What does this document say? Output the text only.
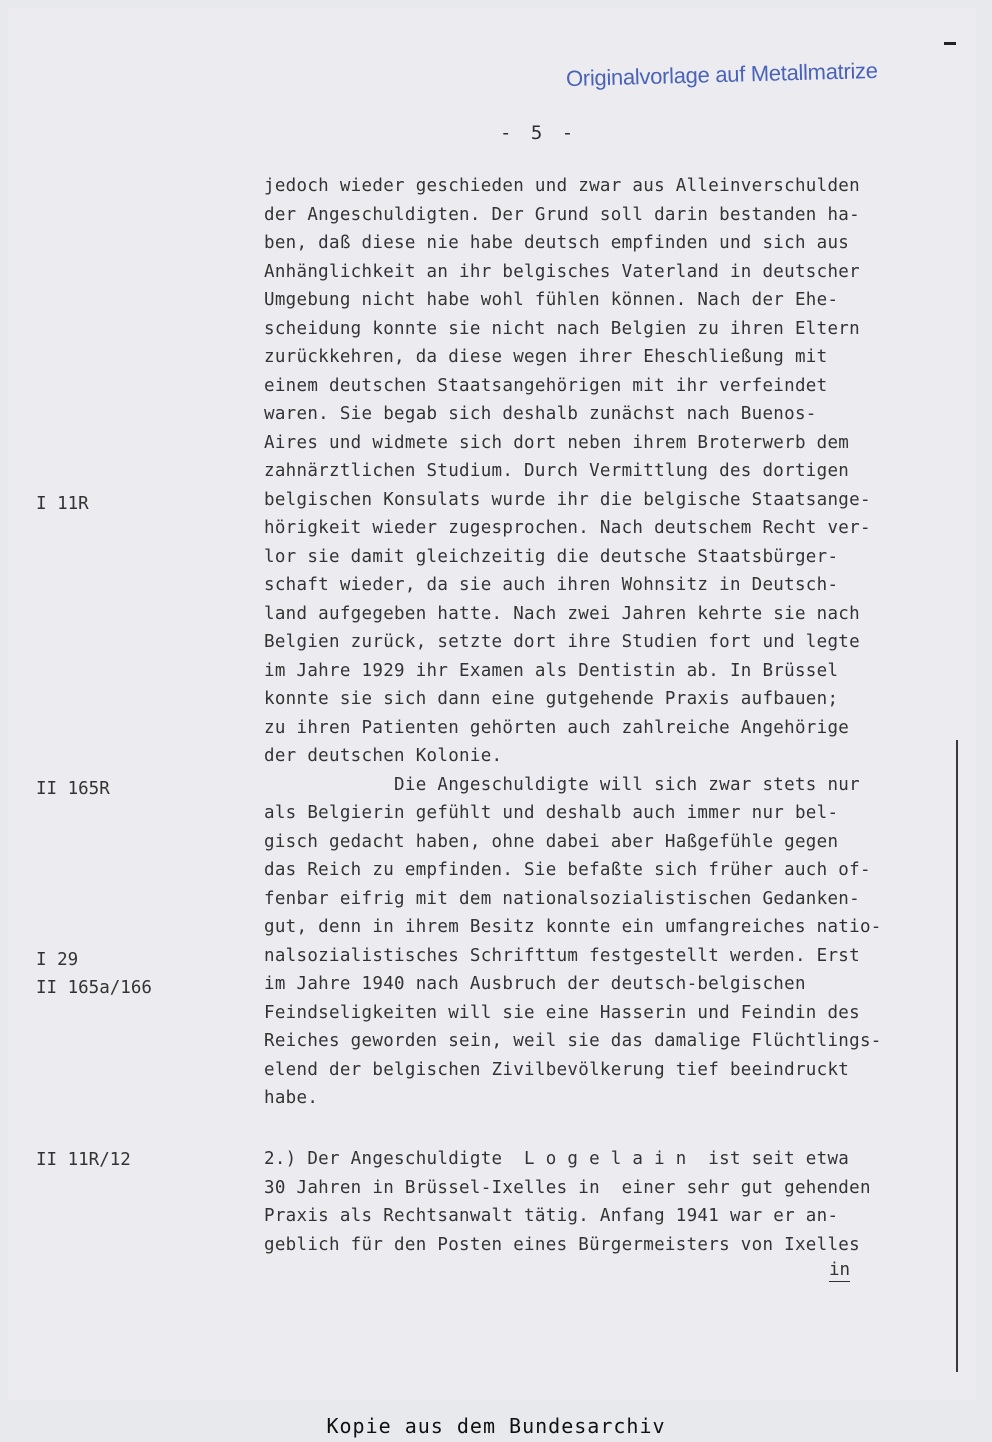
Originalvorlage auf Metallmatrize
- 5 -
jedoch wieder geschieden und zwar aus Alleinverschulden
der Angeschuldigten. Der Grund soll darin bestanden ha-
ben, daß diese nie habe deutsch empfinden und sich aus
Anhänglichkeit an ihr belgisches Vaterland in deutscher
Umgebung nicht habe wohl fühlen können. Nach der Ehe-
scheidung konnte sie nicht nach Belgien zu ihren Eltern
zurückkehren, da diese wegen ihrer Eheschließung mit
einem deutschen Staatsangehörigen mit ihr verfeindet
waren. Sie begab sich deshalb zunächst nach Buenos-
Aires und widmete sich dort neben ihrem Broterwerb dem
zahnärztlichen Studium. Durch Vermittlung des dortigen
belgischen Konsulats wurde ihr die belgische Staatsange-
hörigkeit wieder zugesprochen. Nach deutschem Recht ver-
lor sie damit gleichzeitig die deutsche Staatsbürger-
schaft wieder, da sie auch ihren Wohnsitz in Deutsch-
land aufgegeben hatte. Nach zwei Jahren kehrte sie nach
Belgien zurück, setzte dort ihre Studien fort und legte
im Jahre 1929 ihr Examen als Dentistin ab. In Brüssel
konnte sie sich dann eine gutgehende Praxis aufbauen;
zu ihren Patienten gehörten auch zahlreiche Angehörige
der deutschen Kolonie.
Die Angeschuldigte will sich zwar stets nur
als Belgierin gefühlt und deshalb auch immer nur bel-
gisch gedacht haben, ohne dabei aber Haßgefühle gegen
das Reich zu empfinden. Sie befaßte sich früher auch of-
fenbar eifrig mit dem nationalsozialistischen Gedanken-
gut, denn in ihrem Besitz konnte ein umfangreiches natio-
nalsozialistisches Schrifttum festgestellt werden. Erst
im Jahre 1940 nach Ausbruch der deutsch-belgischen
Feindseligkeiten will sie eine Hasserin und Feindin des
Reiches geworden sein, weil sie das damalige Flüchtlings-
elend der belgischen Zivilbevölkerung tief beeindruckt
habe.
2.) Der Angeschuldigte  L o g e l a i n  ist seit etwa
30 Jahren in Brüssel-Ixelles in  einer sehr gut gehenden
Praxis als Rechtsanwalt tätig. Anfang 1941 war er an-
geblich für den Posten eines Bürgermeisters von Ixelles
I 11R
II 165R
I 29
II 165a/166
II 11R/12
in
Kopie aus dem Bundesarchiv
